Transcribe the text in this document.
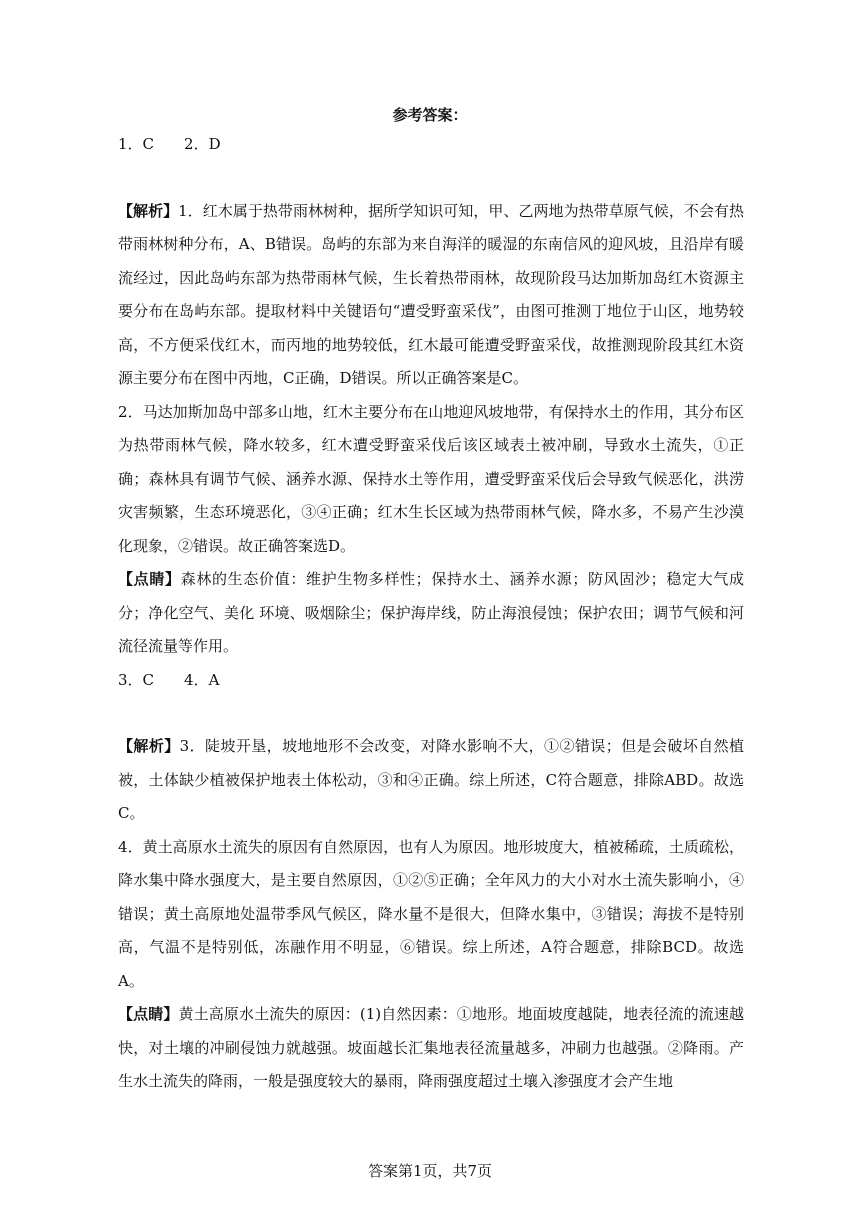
参考答案：

1．C　　2．D

【解析】1．红木属于热带雨林树种，据所学知识可知，甲、乙两地为热带草原气候，不会有热带雨林树种分布，A、B错误。岛屿的东部为来自海洋的暖湿的东南信风的迎风坡，且沿岸有暖流经过，因此岛屿东部为热带雨林气候，生长着热带雨林，故现阶段马达加斯加岛红木资源主要分布在岛屿东部。提取材料中关键语句“遭受野蛮采伐”，由图可推测丁地位于山区，地势较高，不方便采伐红木，而丙地的地势较低，红木最可能遭受野蛮采伐，故推测现阶段其红木资源主要分布在图中丙地，C正确，D错误。所以正确答案是C。

2．马达加斯加岛中部多山地，红木主要分布在山地迎风坡地带，有保持水土的作用，其分布区为热带雨林气候，降水较多，红木遭受野蛮采伐后该区域表土被冲刷，导致水土流失，①正确；森林具有调节气候、涵养水源、保持水土等作用，遭受野蛮采伐后会导致气候恶化，洪涝灾害频繁，生态环境恶化，③④正确；红木生长区域为热带雨林气候，降水多，不易产生沙漠化现象，②错误。故正确答案选D。

【点睛】森林的生态价值：维护生物多样性；保持水土、涵养水源；防风固沙；稳定大气成分；净化空气、美化 环境、吸烟除尘；保护海岸线，防止海浪侵蚀；保护农田；调节气候和河流径流量等作用。

3．C　　4．A

【解析】3．陡坡开垦，坡地地形不会改变，对降水影响不大，①②错误；但是会破坏自然植被，土体缺少植被保护地表土体松动，③和④正确。综上所述，C符合题意，排除ABD。故选C。

4．黄土高原水土流失的原因有自然原因，也有人为原因。地形坡度大，植被稀疏，土质疏松，降水集中降水强度大，是主要自然原因，①②⑤正确；全年风力的大小对水土流失影响小，④错误；黄土高原地处温带季风气候区，降水量不是很大，但降水集中，③错误；海拔不是特别高，气温不是特别低，冻融作用不明显，⑥错误。综上所述，A符合题意，排除BCD。故选A。

【点睛】黄土高原水土流失的原因：(1)自然因素：①地形。地面坡度越陡，地表径流的流速越快，对土壤的冲刷侵蚀力就越强。坡面越长汇集地表径流量越多，冲刷力也越强。②降雨。产生水土流失的降雨，一般是强度较大的暴雨，降雨强度超过土壤入渗强度才会产生地

答案第1页，共7页
